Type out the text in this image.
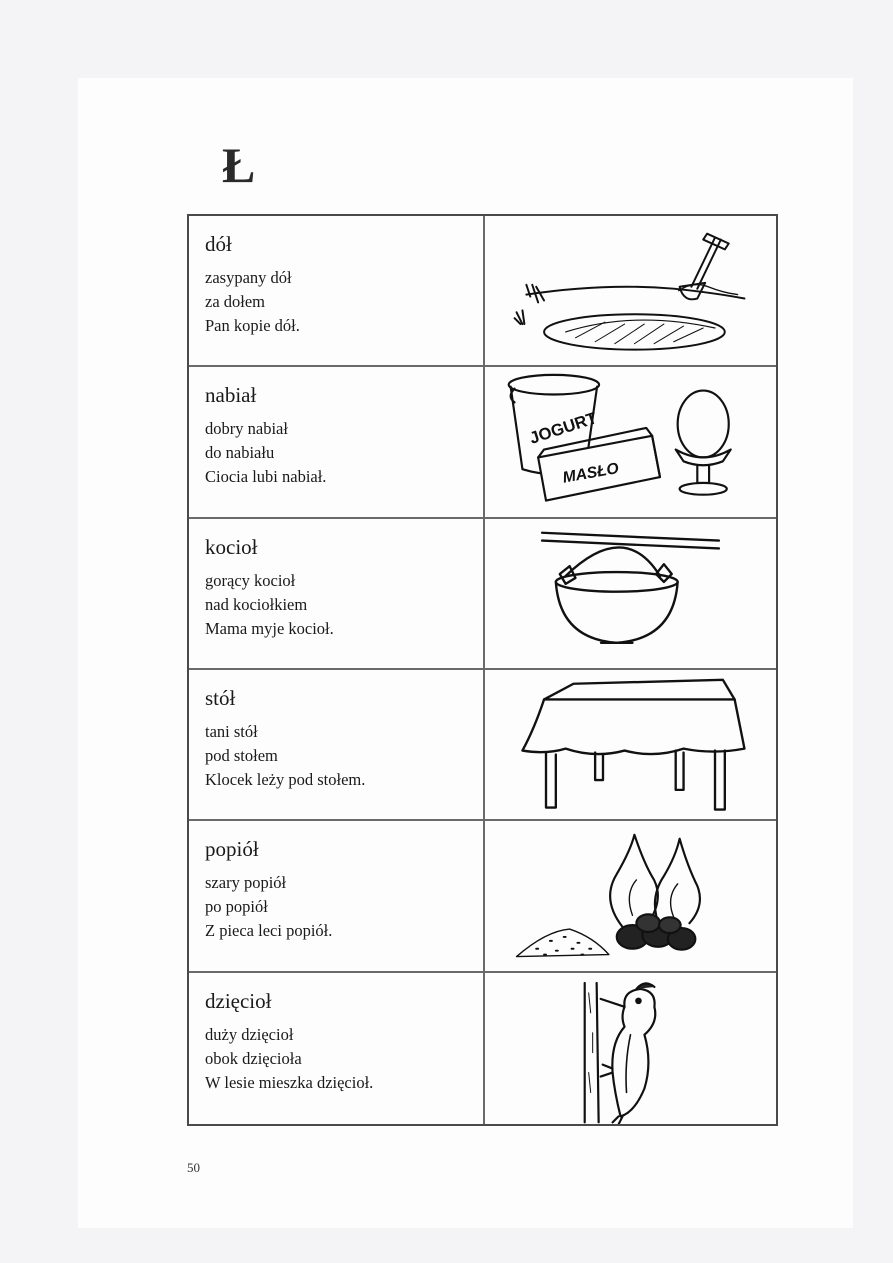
Ł

dół

zasypany dół

za dołem

Pan kopie dół.

nabiał

dobry nabiał

do nabiału

Ciocia lubi nabiał.

JOGURT
MASŁO

kocioł

gorący kocioł

nad kociołkiem

Mama myje kocioł.

stół

tani stół

pod stołem

Klocek leży pod stołem.

popiół

szary popiół

po popiół

Z pieca leci popiół.

dzięcioł

duży dzięcioł

obok dzięcioła

W lesie mieszka dzięcioł.

50
